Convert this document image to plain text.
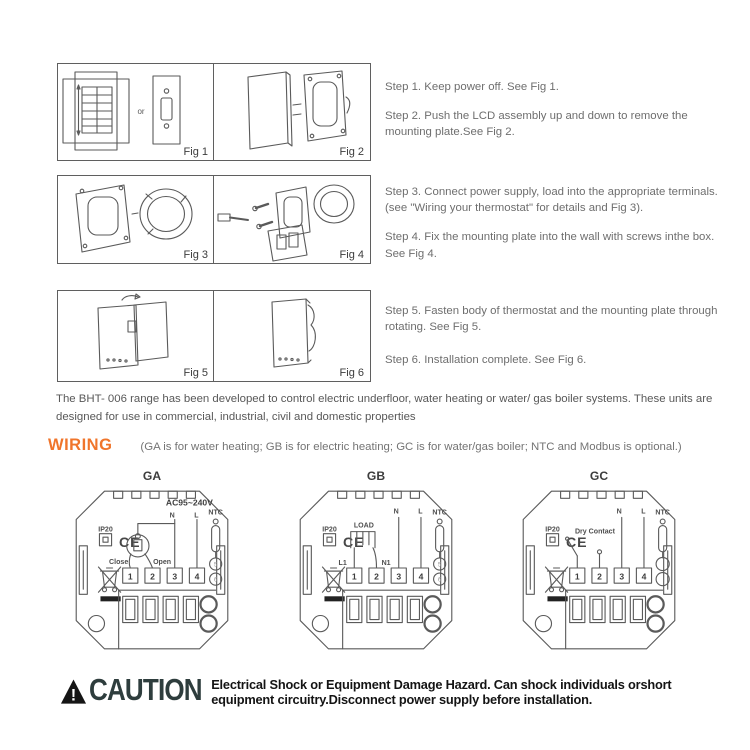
or
Fig 1	Fig 2
Fig 3	Fig 4
Fig 5	Fig 6

Step 1. Keep power off. See Fig 1.

Step 2. Push the LCD assembly up and down to remove the mounting plate.See Fig 2.

Step 3. Connect power supply, load into the appropriate terminals. (see "Wiring your thermostat" for details and Fig 3).

Step 4. Fix the mounting plate into the wall with screws inthe box. See Fig 4.

Step 5. Fasten body of thermostat and the mounting plate through rotating. See Fig 5.

Step 6. Installation complete. See Fig 6.

The BHT- 006 range has been developed to control electric underfloor, water heating or water/ gas boiler systems. These units are designed for use in commercial, industrial, civil and domestic properties
WIRING (GA is for water heating; GB is for electric heating; GC is for water/gas boiler; NTC and Modbus is optional.)
GA
IP20
CE
AC95~240V
N	L
Close	Open
1 2 3 4
NTC
5
6
GB
IP20
CE
LOAD
L1	N1
N	L
1 2 3 4
NTC
5
6
GC
IP20
CE
Dry Contact
N	L
1 2 3 4
NTC
! CAUTION Electrical Shock or Equipment Damage Hazard. Can shock individuals orshort equipment circuitry.Disconnect power supply before installation.
